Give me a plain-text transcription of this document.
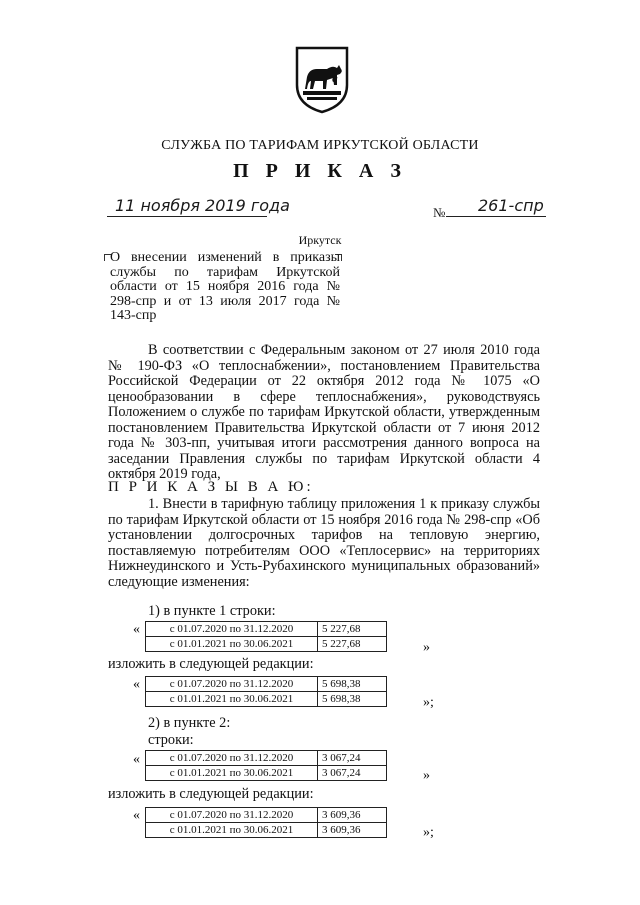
СЛУЖБА ПО ТАРИФАМ ИРКУТСКОЙ ОБЛАСТИ
П Р И К А З
11 ноября 2019 года	№ 261-спр
Иркутск
О внесении изменений в приказы службы по тарифам Иркутской области от 15 ноября 2016 года № 298-спр и от 13 июля 2017 года № 143-спр
В соответствии с Федеральным законом от 27 июля 2010 года № 190-ФЗ «О теплоснабжении», постановлением Правительства Российской Федерации от 22 октября 2012 года № 1075 «О ценообразовании в сфере теплоснабжения», руководствуясь Положением о службе по тарифам Иркутской области, утвержденным постановлением Правительства Иркутской области от 7 июня 2012 года № 303-пп, учитывая итоги рассмотрения данного вопроса на заседании Правления службы по тарифам Иркутской области 4 октября 2019 года,
П Р И К А З Ы В А Ю:
1. Внести в тарифную таблицу приложения 1 к приказу службы по тарифам Иркутской области от 15 ноября 2016 года № 298-спр «Об установлении долгосрочных тарифов на тепловую энергию, поставляемую потребителям ООО «Теплосервис» на территориях Нижнеудинского и Усть-Рубахинского муниципальных образований» следующие изменения:
1) в пункте 1 строки:
«	с 01.07.2020 по 31.12.2020	5 227,68
с 01.01.2021 по 30.06.2021	5 227,68	»
изложить в следующей редакции:
«	с 01.07.2020 по 31.12.2020	5 698,38
с 01.01.2021 по 30.06.2021	5 698,38	»;
2) в пункте 2:
строки:
«	с 01.07.2020 по 31.12.2020	3 067,24
с 01.01.2021 по 30.06.2021	3 067,24	»
изложить в следующей редакции:
«	с 01.07.2020 по 31.12.2020	3 609,36
с 01.01.2021 по 30.06.2021	3 609,36	»;
